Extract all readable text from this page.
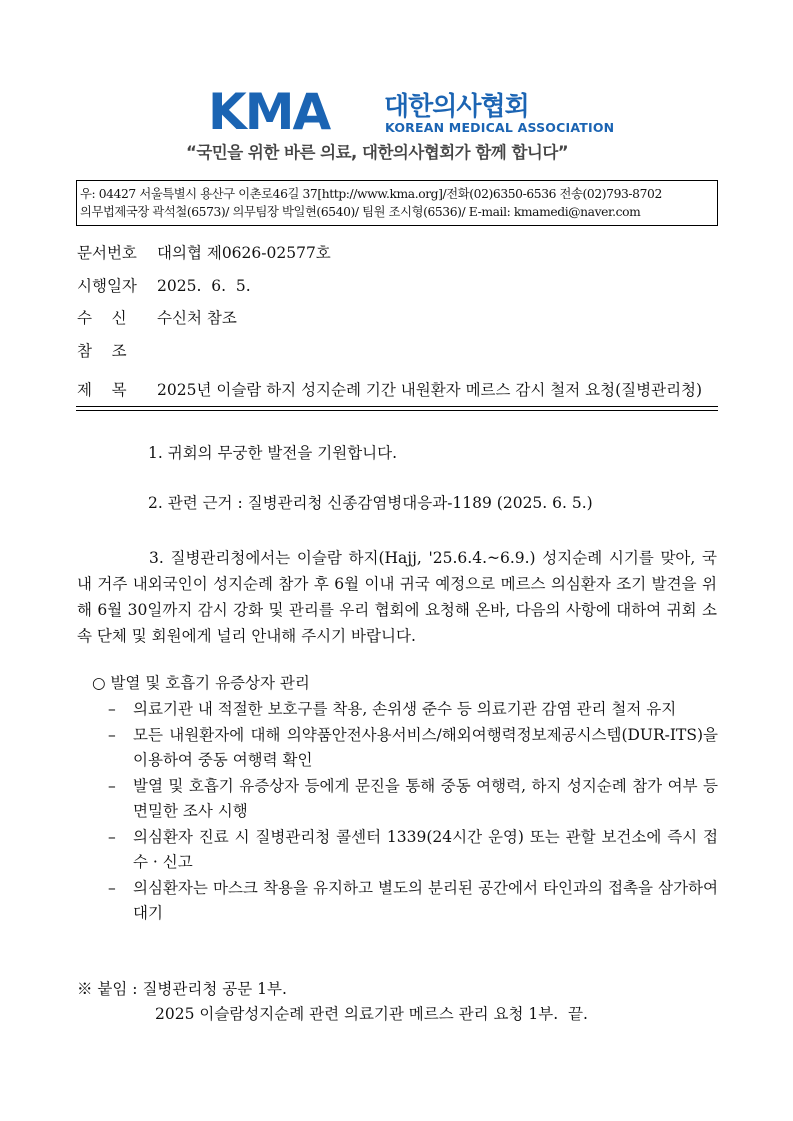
KMA 대한의사협회
KOREAN MEDICAL ASSOCIATION
“국민을 위한 바른 의료, 대한의사협회가 함께 합니다”
우: 04427 서울특별시 용산구 이촌로46길 37[http://www.kma.org]/전화(02)6350-6536 전송(02)793-8702
의무법제국장 곽석철(6573)/ 의무팀장 박일현(6540)/ 팀원 조시형(6536)/ E-mail: kmamedi@naver.com
문서번호 대의협 제0626-02577호
시행일자 2025.  6.  5.
수    신 수신처 참조
참    조
제    목 2025년 이슬람 하지 성지순례 기간 내원환자 메르스 감시 철저 요청(질병관리청)
1. 귀회의 무궁한 발전을 기원합니다.
2. 관련 근거 : 질병관리청 신종감염병대응과-1189 (2025. 6. 5.)
3. 질병관리청에서는 이슬람 하지(Hajj, '25.6.4.~6.9.) 성지순례 시기를 맞아, 국내 거주 내외국인이 성지순례 참가 후 6월 이내 귀국 예정으로 메르스 의심환자 조기 발견을 위해 6월 30일까지 감시 강화 및 관리를 우리 협회에 요청해 온바, 다음의 사항에 대하여 귀회 소속 단체 및 회원에게 널리 안내해 주시기 바랍니다.
○ 발열 및 호흡기 유증상자 관리
– 의료기관 내 적절한 보호구를 착용, 손위생 준수 등 의료기관 감염 관리 철저 유지
– 모든 내원환자에 대해 의약품안전사용서비스/해외여행력정보제공시스템(DUR-ITS)을 이용하여 중동 여행력 확인
– 발열 및 호흡기 유증상자 등에게 문진을 통해 중동 여행력, 하지 성지순례 참가 여부 등 면밀한 조사 시행
– 의심환자 진료 시 질병관리청 콜센터 1339(24시간 운영) 또는 관할 보건소에 즉시 접수 · 신고
– 의심환자는 마스크 착용을 유지하고 별도의 분리된 공간에서 타인과의 접촉을 삼가하여 대기
※ 붙임 : 질병관리청 공문 1부.
2025 이슬람성지순례 관련 의료기관 메르스 관리 요청 1부.  끝.
